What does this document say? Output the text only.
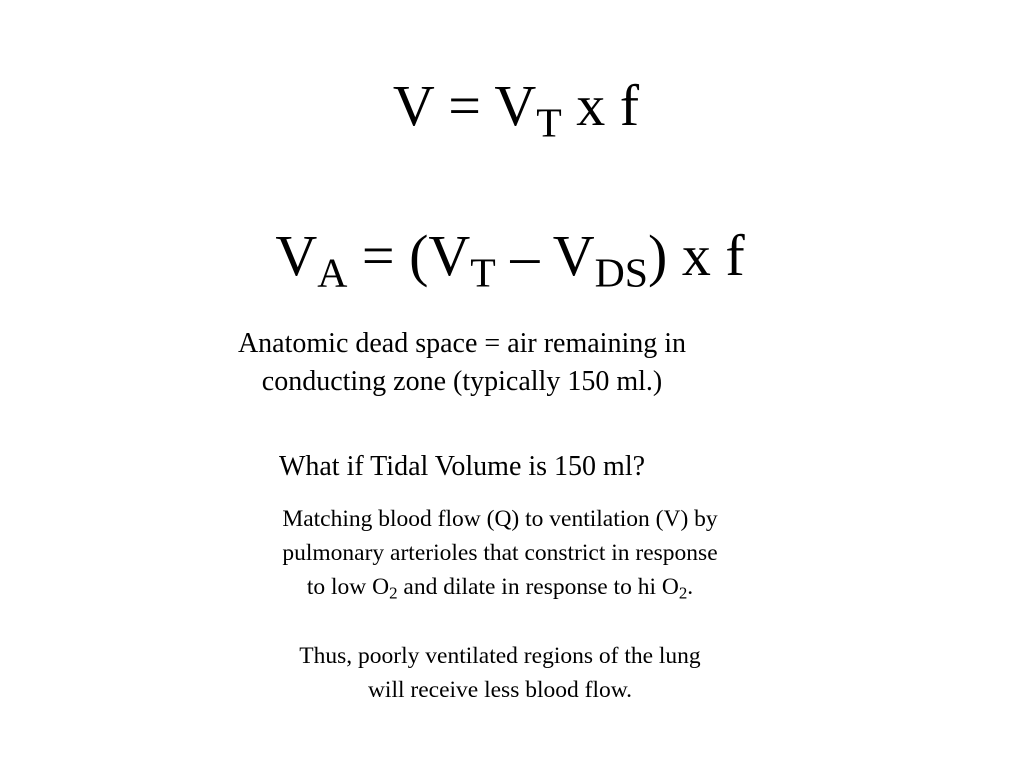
$V = V_T$ x f
$V_A = (V_T - V_{DS})$ x f
Anatomic dead space = air remaining in
conducting zone (typically 150 ml.)
What if Tidal Volume is 150 ml?
Matching blood flow (Q) to ventilation (V) by
pulmonary arterioles that constrict in response
to low $O_2$ and dilate in response to hi $O_2$.
Thus, poorly ventilated regions of the lung
will receive less blood flow.
